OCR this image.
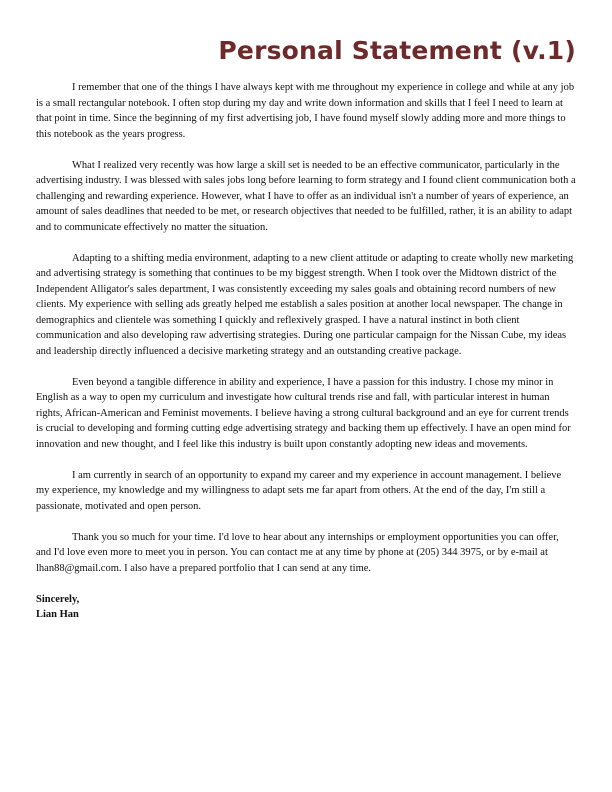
Personal Statement (v.1)

I remember that one of the things I have always kept with me throughout my experience in college and while at any job is a small rectangular notebook. I often stop during my day and write down information and skills that I feel I need to learn at that point in time. Since the beginning of my first advertising job, I have found myself slowly adding more and more things to this notebook as the years progress.

What I realized very recently was how large a skill set is needed to be an effective communicator, particularly in the advertising industry. I was blessed with sales jobs long before learning to form strategy and I found client communication both a challenging and rewarding experience. However, what I have to offer as an individual isn't a number of years of experience, an amount of sales deadlines that needed to be met, or research objectives that needed to be fulfilled, rather, it is an ability to adapt and to communicate effectively no matter the situation.

Adapting to a shifting media environment, adapting to a new client attitude or adapting to create wholly new marketing and advertising strategy is something that continues to be my biggest strength. When I took over the Midtown district of the Independent Alligator's sales department, I was consistently exceeding my sales goals and obtaining record numbers of new clients. My experience with selling ads greatly helped me establish a sales position at another local newspaper. The change in demographics and clientele was something I quickly and reflexively grasped. I have a natural instinct in both client communication and also developing raw advertising strategies. During one particular campaign for the Nissan Cube, my ideas and leadership directly influenced a decisive marketing strategy and an outstanding creative package.

Even beyond a tangible difference in ability and experience, I have a passion for this industry. I chose my minor in English as a way to open my curriculum and investigate how cultural trends rise and fall, with particular interest in human rights, African-American and Feminist movements. I believe having a strong cultural background and an eye for current trends is crucial to developing and forming cutting edge advertising strategy and backing them up effectively. I have an open mind for innovation and new thought, and I feel like this industry is built upon constantly adopting new ideas and movements.

I am currently in search of an opportunity to expand my career and my experience in account management. I believe my experience, my knowledge and my willingness to adapt sets me far apart from others. At the end of the day, I'm still a passionate, motivated and open person.

Thank you so much for your time. I'd love to hear about any internships or employment opportunities you can offer, and I'd love even more to meet you in person. You can contact me at any time by phone at (205) 344 3975, or by e-mail at lhan88@gmail.com. I also have a prepared portfolio that I can send at any time.

Sincerely,

Lian Han
